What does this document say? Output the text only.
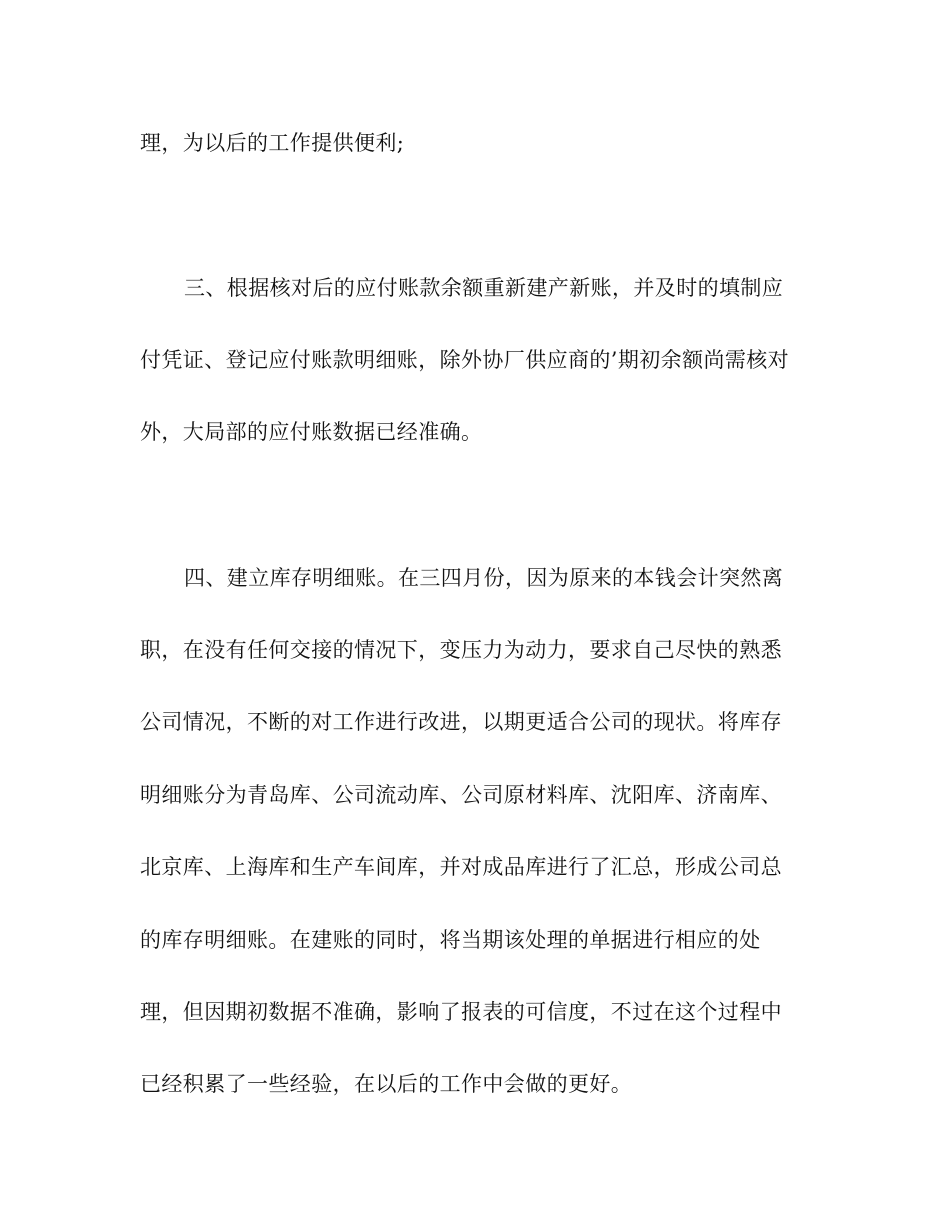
理，为以后的工作提供便利;
三、根据核对后的应付账款余额重新建产新账，并及时的填制应
付凭证、登记应付账款明细账，除外协厂供应商的’期初余额尚需核对
外，大局部的应付账数据已经准确。
四、建立库存明细账。在三四月份，因为原来的本钱会计突然离
职，在没有任何交接的情况下，变压力为动力，要求自己尽快的熟悉
公司情况，不断的对工作进行改进，以期更适合公司的现状。将库存
明细账分为青岛库、公司流动库、公司原材料库、沈阳库、济南库、
北京库、上海库和生产车间库，并对成品库进行了汇总，形成公司总
的库存明细账。在建账的同时，将当期该处理的单据进行相应的处
理，但因期初数据不准确，影响了报表的可信度，不过在这个过程中
已经积累了一些经验，在以后的工作中会做的更好。
